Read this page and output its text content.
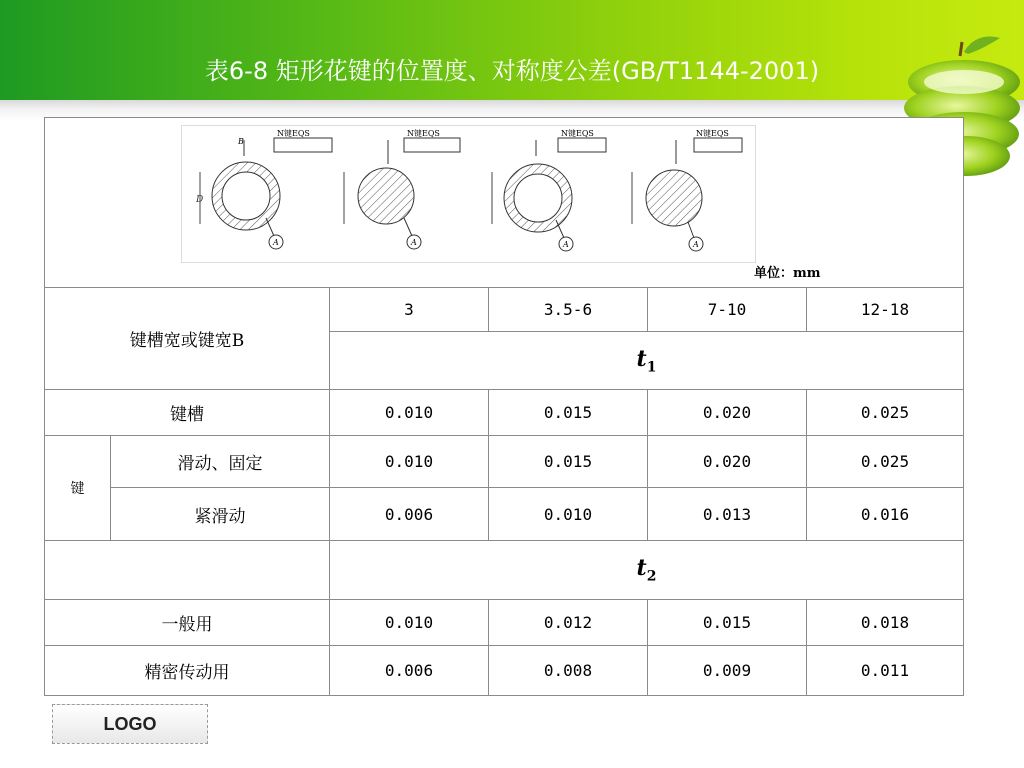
表6-8 矩形花键的位置度、对称度公差(GB/T1144-2001)
D
B
N键EQS
A
N键EQS
A
N键EQS
A
N键EQS
A
单位：mm
键槽宽或键宽B
3	3.5-6	7-10	12-18
$t_1$
键槽	0.010	0.015	0.020	0.025
键
滑动、固定	0.010	0.015	0.020	0.025
紧滑动	0.006	0.010	0.013	0.016
$t_2$
一般用	0.010	0.012	0.015	0.018
精密传动用	0.006	0.008	0.009	0.011
LOGO
